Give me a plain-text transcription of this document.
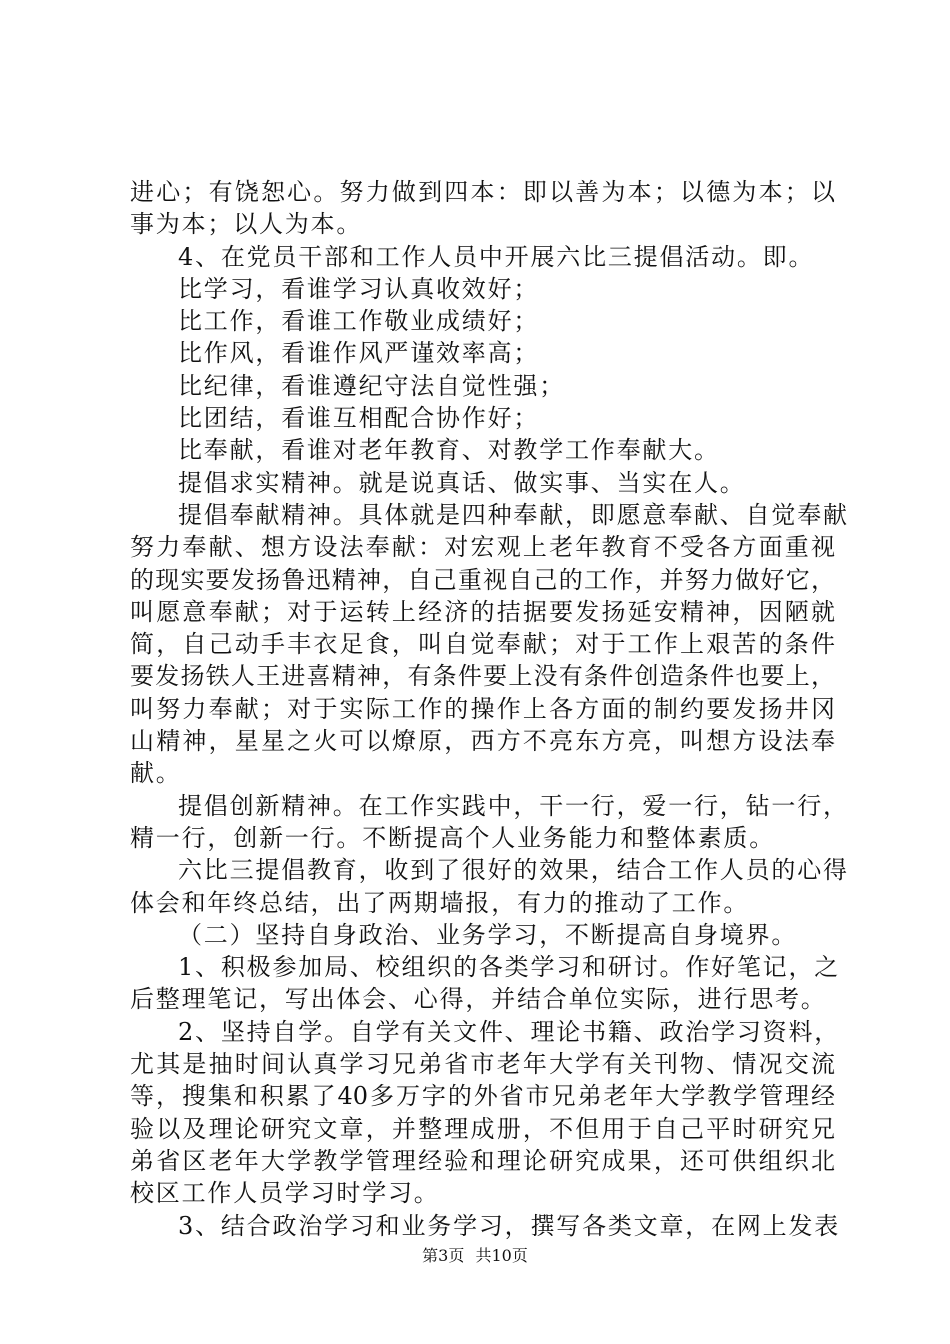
进心；有饶恕心。努力做到四本：即以善为本；以德为本；以
事为本；以人为本。
4、在党员干部和工作人员中开展六比三提倡活动。即。
比学习，看谁学习认真收效好；
比工作，看谁工作敬业成绩好；
比作风，看谁作风严谨效率高；
比纪律，看谁遵纪守法自觉性强；
比团结，看谁互相配合协作好；
比奉献，看谁对老年教育、对教学工作奉献大。
提倡求实精神。就是说真话、做实事、当实在人。
提倡奉献精神。具体就是四种奉献，即愿意奉献、自觉奉献
努力奉献、想方设法奉献：对宏观上老年教育不受各方面重视
的现实要发扬鲁迅精神，自己重视自己的工作，并努力做好它，
叫愿意奉献；对于运转上经济的拮据要发扬延安精神，因陋就
简，自己动手丰衣足食，叫自觉奉献；对于工作上艰苦的条件
要发扬铁人王进喜精神，有条件要上没有条件创造条件也要上，
叫努力奉献；对于实际工作的操作上各方面的制约要发扬井冈
山精神，星星之火可以燎原，西方不亮东方亮，叫想方设法奉
献。
提倡创新精神。在工作实践中，干一行，爱一行，钻一行，
精一行，创新一行。不断提高个人业务能力和整体素质。
六比三提倡教育，收到了很好的效果，结合工作人员的心得
体会和年终总结，出了两期墙报，有力的推动了工作。
（二）坚持自身政治、业务学习，不断提高自身境界。
1、积极参加局、校组织的各类学习和研讨。作好笔记，之
后整理笔记，写出体会、心得，并结合单位实际，进行思考。
2、坚持自学。自学有关文件、理论书籍、政治学习资料，
尤其是抽时间认真学习兄弟省市老年大学有关刊物、情况交流
等，搜集和积累了40多万字的外省市兄弟老年大学教学管理经
验以及理论研究文章，并整理成册，不但用于自己平时研究兄
弟省区老年大学教学管理经验和理论研究成果，还可供组织北
校区工作人员学习时学习。
3、结合政治学习和业务学习，撰写各类文章，在网上发表
第3页 共10页
